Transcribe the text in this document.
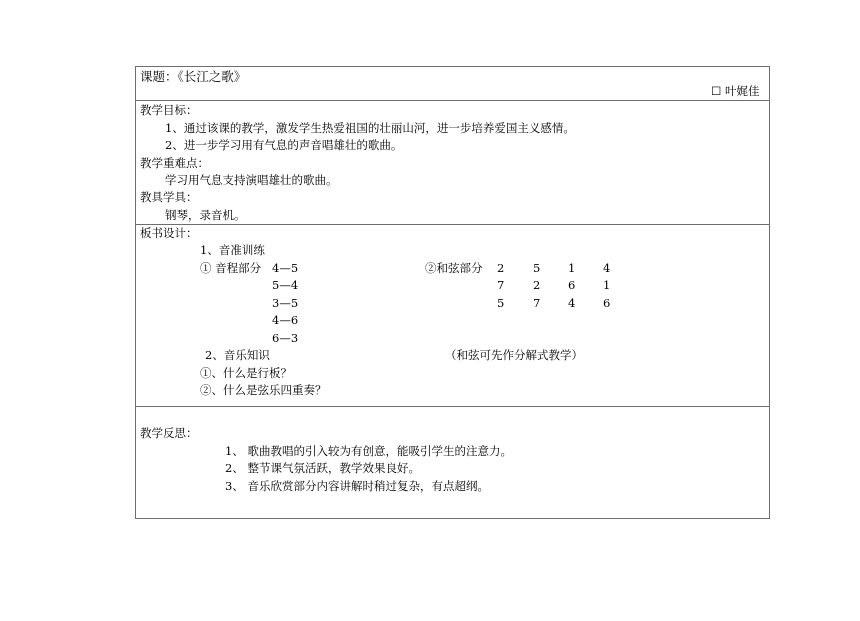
课题：《长江之歌》
☐ 叶娓佳
教学目标：
1、通过该课的教学，激发学生热爱祖国的壮丽山河，进一步培养爱国主义感情。
2、进一步学习用有气息的声音唱雄壮的歌曲。
教学重难点：
学习用气息支持演唱雄壮的歌曲。
教具学具：
钢琴，录音机。
板书设计：
1、音准训练
① 音程部分 4—5
5—4
3—5
4—6
6—3
②和弦部分 2 5 1 4
7 2 6 1
5 7 4 6
2、音乐知识	（和弦可先作分解式教学）
①、什么是行板？
②、什么是弦乐四重奏？
教学反思：
1、 歌曲教唱的引入较为有创意，能吸引学生的注意力。
2、 整节课气氛活跃，教学效果良好。
3、 音乐欣赏部分内容讲解时稍过复杂，有点超纲。
